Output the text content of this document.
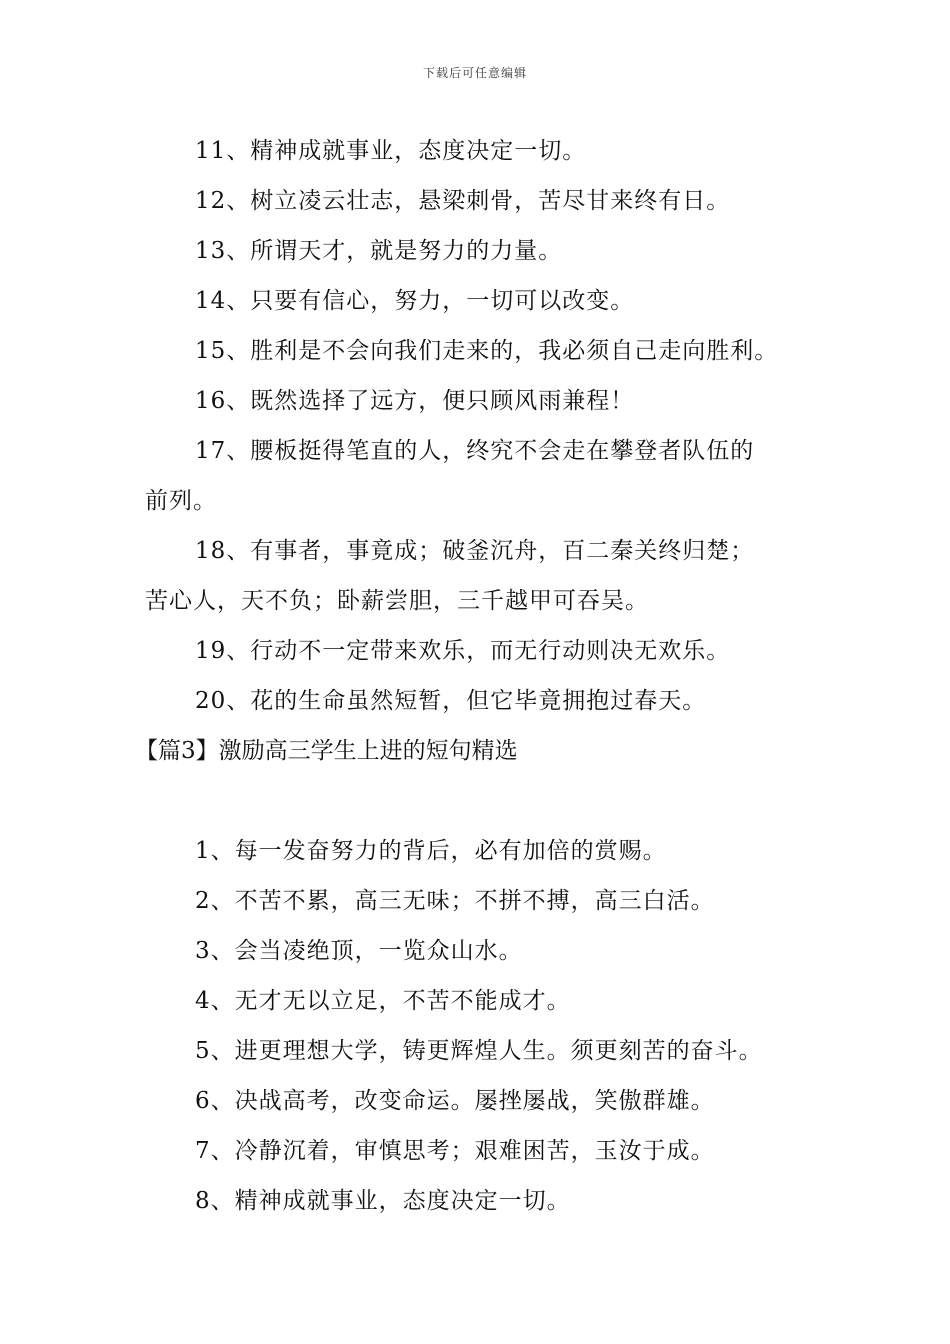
下载后可任意编辑
11、精神成就事业，态度决定一切。
12、树立凌云壮志，悬梁刺骨，苦尽甘来终有日。
13、所谓天才，就是努力的力量。
14、只要有信心，努力，一切可以改变。
15、胜利是不会向我们走来的，我必须自己走向胜利。
16、既然选择了远方，便只顾风雨兼程！
17、腰板挺得笔直的人，终究不会走在攀登者队伍的
前列。
18、有事者，事竟成；破釜沉舟，百二秦关终归楚；
苦心人，天不负；卧薪尝胆，三千越甲可吞吴。
19、行动不一定带来欢乐，而无行动则决无欢乐。
20、花的生命虽然短暂，但它毕竟拥抱过春天。
【篇3】激励高三学生上进的短句精选
1、每一发奋努力的背后，必有加倍的赏赐。
2、不苦不累，高三无味；不拼不搏，高三白活。
3、会当凌绝顶，一览众山水。
4、无才无以立足，不苦不能成才。
5、进更理想大学，铸更辉煌人生。须更刻苦的奋斗。
6、决战高考，改变命运。屡挫屡战，笑傲群雄。
7、冷静沉着，审慎思考；艰难困苦，玉汝于成。
8、精神成就事业，态度决定一切。
